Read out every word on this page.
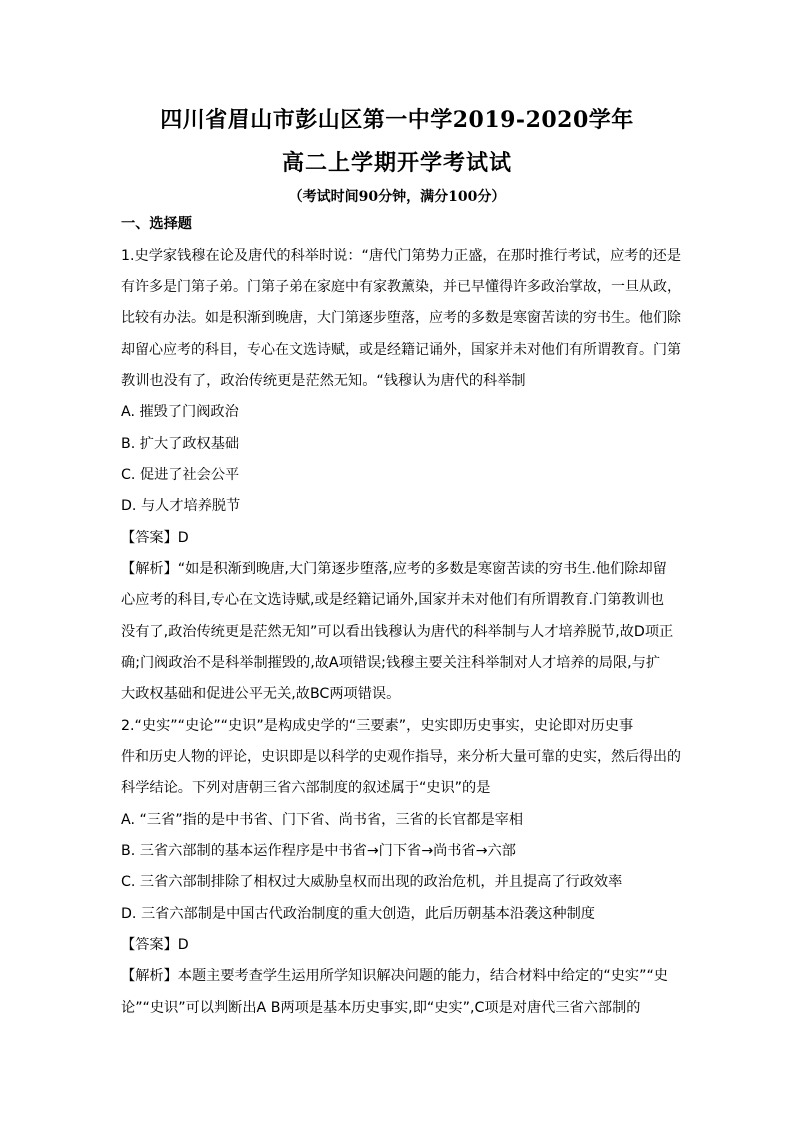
四川省眉山市彭山区第一中学2019-2020学年
高二上学期开学考试试
（考试时间90分钟，满分100分）
一、选择题
1.史学家钱穆在论及唐代的科举时说：“唐代门第势力正盛，在那时推行考试，应考的还是
有许多是门第子弟。门第子弟在家庭中有家教薰染，并已早懂得许多政治掌故，一旦从政，
比较有办法。如是积渐到晚唐，大门第逐步堕落，应考的多数是寒窗苦读的穷书生。他们除
却留心应考的科目，专心在文选诗赋，或是经籍记诵外，国家并未对他们有所谓教育。门第
教训也没有了，政治传统更是茫然无知。“钱穆认为唐代的科举制
A. 摧毁了门阀政治
B. 扩大了政权基础
C. 促进了社会公平
D. 与人才培养脱节
【答案】D
【解析】“如是积渐到晚唐,大门第逐步堕落,应考的多数是寒窗苦读的穷书生.他们除却留
心应考的科目,专心在文选诗赋,或是经籍记诵外,国家并未对他们有所谓教育.门第教训也
没有了,政治传统更是茫然无知”可以看出钱穆认为唐代的科举制与人才培养脱节,故D项正
确;门阀政治不是科举制摧毁的,故A项错误;钱穆主要关注科举制对人才培养的局限,与扩
大政权基础和促进公平无关,故BC两项错误。
2.“史实”“史论”“史识”是构成史学的“三要素”，史实即历史事实，史论即对历史事
件和历史人物的评论，史识即是以科学的史观作指导，来分析大量可靠的史实，然后得出的
科学结论。下列对唐朝三省六部制度的叙述属于“史识”的是
A. “三省”指的是中书省、门下省、尚书省，三省的长官都是宰相
B. 三省六部制的基本运作程序是中书省→门下省→尚书省→六部
C. 三省六部制排除了相权过大威胁皇权而出现的政治危机，并且提高了行政效率
D. 三省六部制是中国古代政治制度的重大创造，此后历朝基本沿袭这种制度
【答案】D
【解析】本题主要考查学生运用所学知识解决问题的能力，结合材料中给定的“史实”“史
论”“史识”可以判断出A B两项是基本历史事实,即“史实”,C项是对唐代三省六部制的
